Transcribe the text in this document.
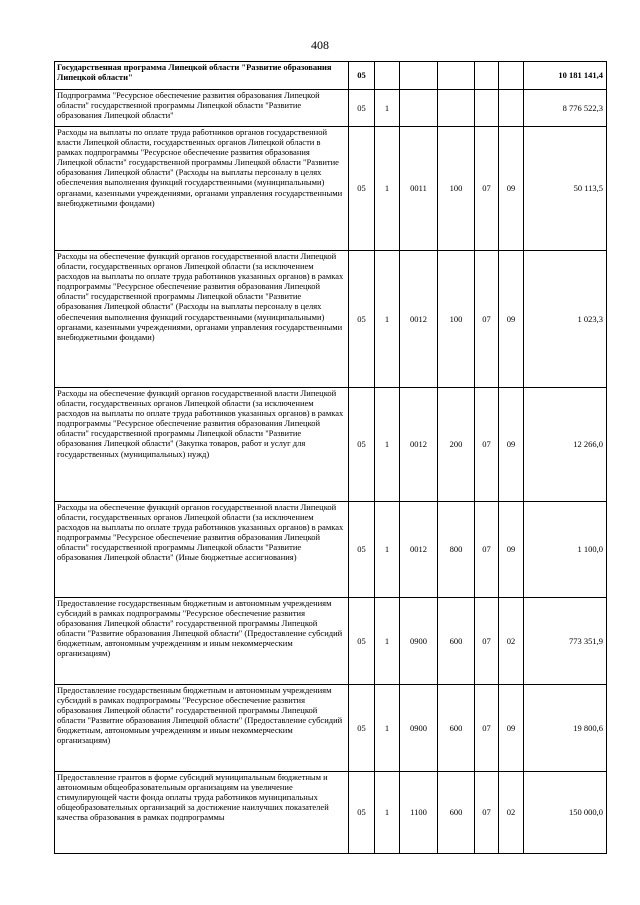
408
Государственная программа Липецкой области "Развитие образования Липецкой области"	05						10 181 141,4
Подпрограмма "Ресурсное обеспечение развития образования Липецкой области" государственной программы Липецкой области "Развитие образования Липецкой области"	05	1					8 776 522,3
Расходы на выплаты по оплате труда работников органов государственной власти Липецкой области, государственных органов Липецкой области в рамках подпрограммы "Ресурсное обеспечение развития образования Липецкой области" государственной программы Липецкой области "Развитие образования Липецкой области" (Расходы на выплаты персоналу в целях обеспечения выполнения функций государственными (муниципальными) органами, казенными учреждениями, органами управления государственными внебюджетными фондами)	05	1	0011	100	07	09	50 113,5
Расходы на обеспечение функций органов государственной власти Липецкой области, государственных органов Липецкой области (за исключением расходов на выплаты по оплате труда работников указанных органов) в рамках подпрограммы "Ресурсное обеспечение развития образования Липецкой области" государственной программы Липецкой области "Развитие образования Липецкой области" (Расходы на выплаты персоналу в целях обеспечения выполнения функций государственными (муниципальными) органами, казенными учреждениями, органами управления государственными внебюджетными фондами)	05	1	0012	100	07	09	1 023,3
Расходы на обеспечение функций органов государственной власти Липецкой области, государственных органов Липецкой области (за исключением расходов на выплаты по оплате труда работников указанных органов) в рамках подпрограммы "Ресурсное обеспечение развития образования Липецкой области" государственной программы Липецкой области "Развитие образования Липецкой области" (Закупка товаров, работ и услуг для государственных (муниципальных) нужд)	05	1	0012	200	07	09	12 266,0
Расходы на обеспечение функций органов государственной власти Липецкой области, государственных органов Липецкой области (за исключением расходов на выплаты по оплате труда работников указанных органов) в рамках подпрограммы "Ресурсное обеспечение развития образования Липецкой области" государственной программы Липецкой области "Развитие образования Липецкой области" (Иные бюджетные ассигнования)	05	1	0012	800	07	09	1 100,0
Предоставление государственным бюджетным и автономным учреждениям субсидий в рамках подпрограммы "Ресурсное обеспечение развития образования Липецкой области" государственной программы Липецкой области "Развитие образования Липецкой области" (Предоставление субсидий бюджетным, автономным учреждениям и иным некоммерческим организациям)	05	1	0900	600	07	02	773 351,9
Предоставление государственным бюджетным и автономным учреждениям субсидий в рамках подпрограммы "Ресурсное обеспечение развития образования Липецкой области" государственной программы Липецкой области "Развитие образования Липецкой области" (Предоставление субсидий бюджетным, автономным учреждениям и иным некоммерческим организациям)	05	1	0900	600	07	09	19 800,6
Предоставление грантов в форме субсидий муниципальным бюджетным и автономным общеобразовательным организациям на увеличение стимулирующей части фонда оплаты труда работников муниципальных общеобразовательных организаций за достижение наилучших показателей качества образования в рамках подпрограммы	05	1	1100	600	07	02	150 000,0
